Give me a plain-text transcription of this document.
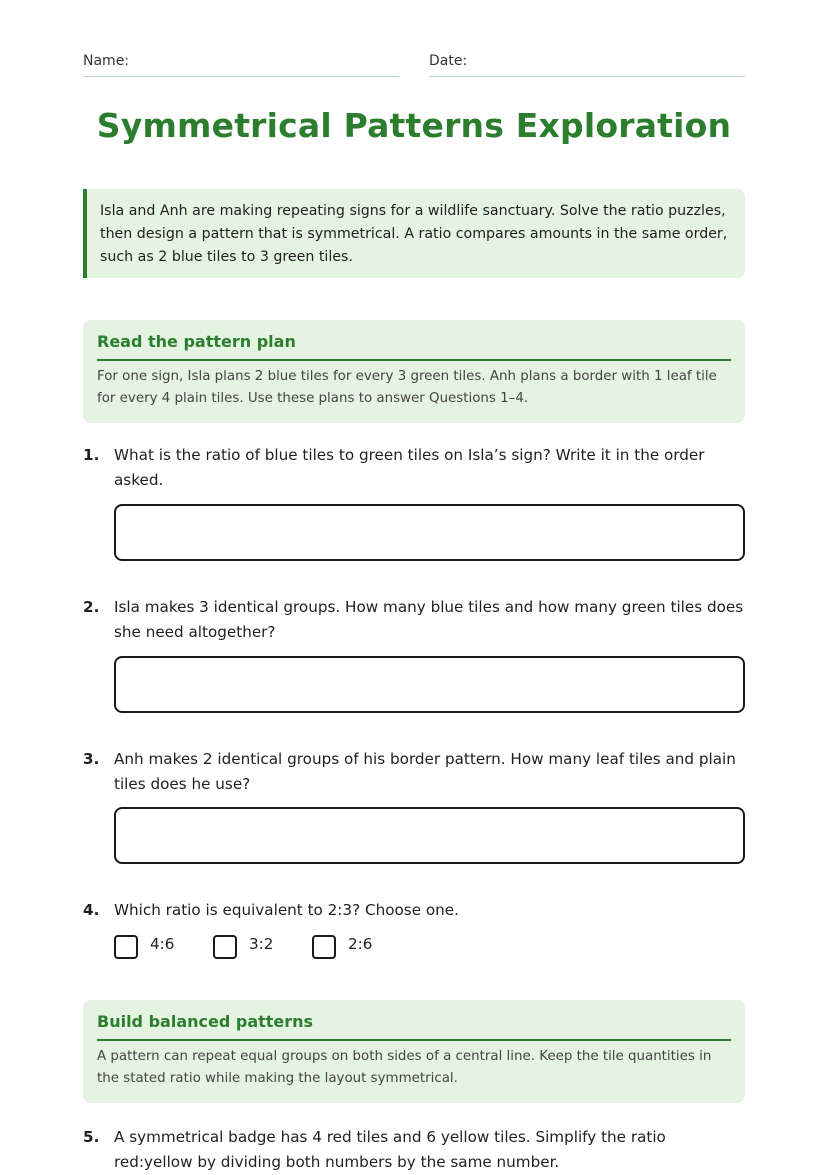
Name:	Date:
Symmetrical Patterns Exploration
Isla and Anh are making repeating signs for a wildlife sanctuary. Solve the ratio puzzles, then design a pattern that is symmetrical. A ratio compares amounts in the same order, such as 2 blue tiles to 3 green tiles.
Read the pattern plan

For one sign, Isla plans 2 blue tiles for every 3 green tiles. Anh plans a border with 1 leaf tile for every 4 plain tiles. Use these plans to answer Questions 1–4.

1. What is the ratio of blue tiles to green tiles on Isla’s sign? Write it in the order asked.
2. Isla makes 3 identical groups. How many blue tiles and how many green tiles does she need altogether?
3. Anh makes 2 identical groups of his border pattern. How many leaf tiles and plain tiles does he use?
4. Which ratio is equivalent to 2:3? Choose one.
4:6	3:2	2:6
Build balanced patterns

A pattern can repeat equal groups on both sides of a central line. Keep the tile quantities in the stated ratio while making the layout symmetrical.

5. A symmetrical badge has 4 red tiles and 6 yellow tiles. Simplify the ratio red:yellow by dividing both numbers by the same number.
